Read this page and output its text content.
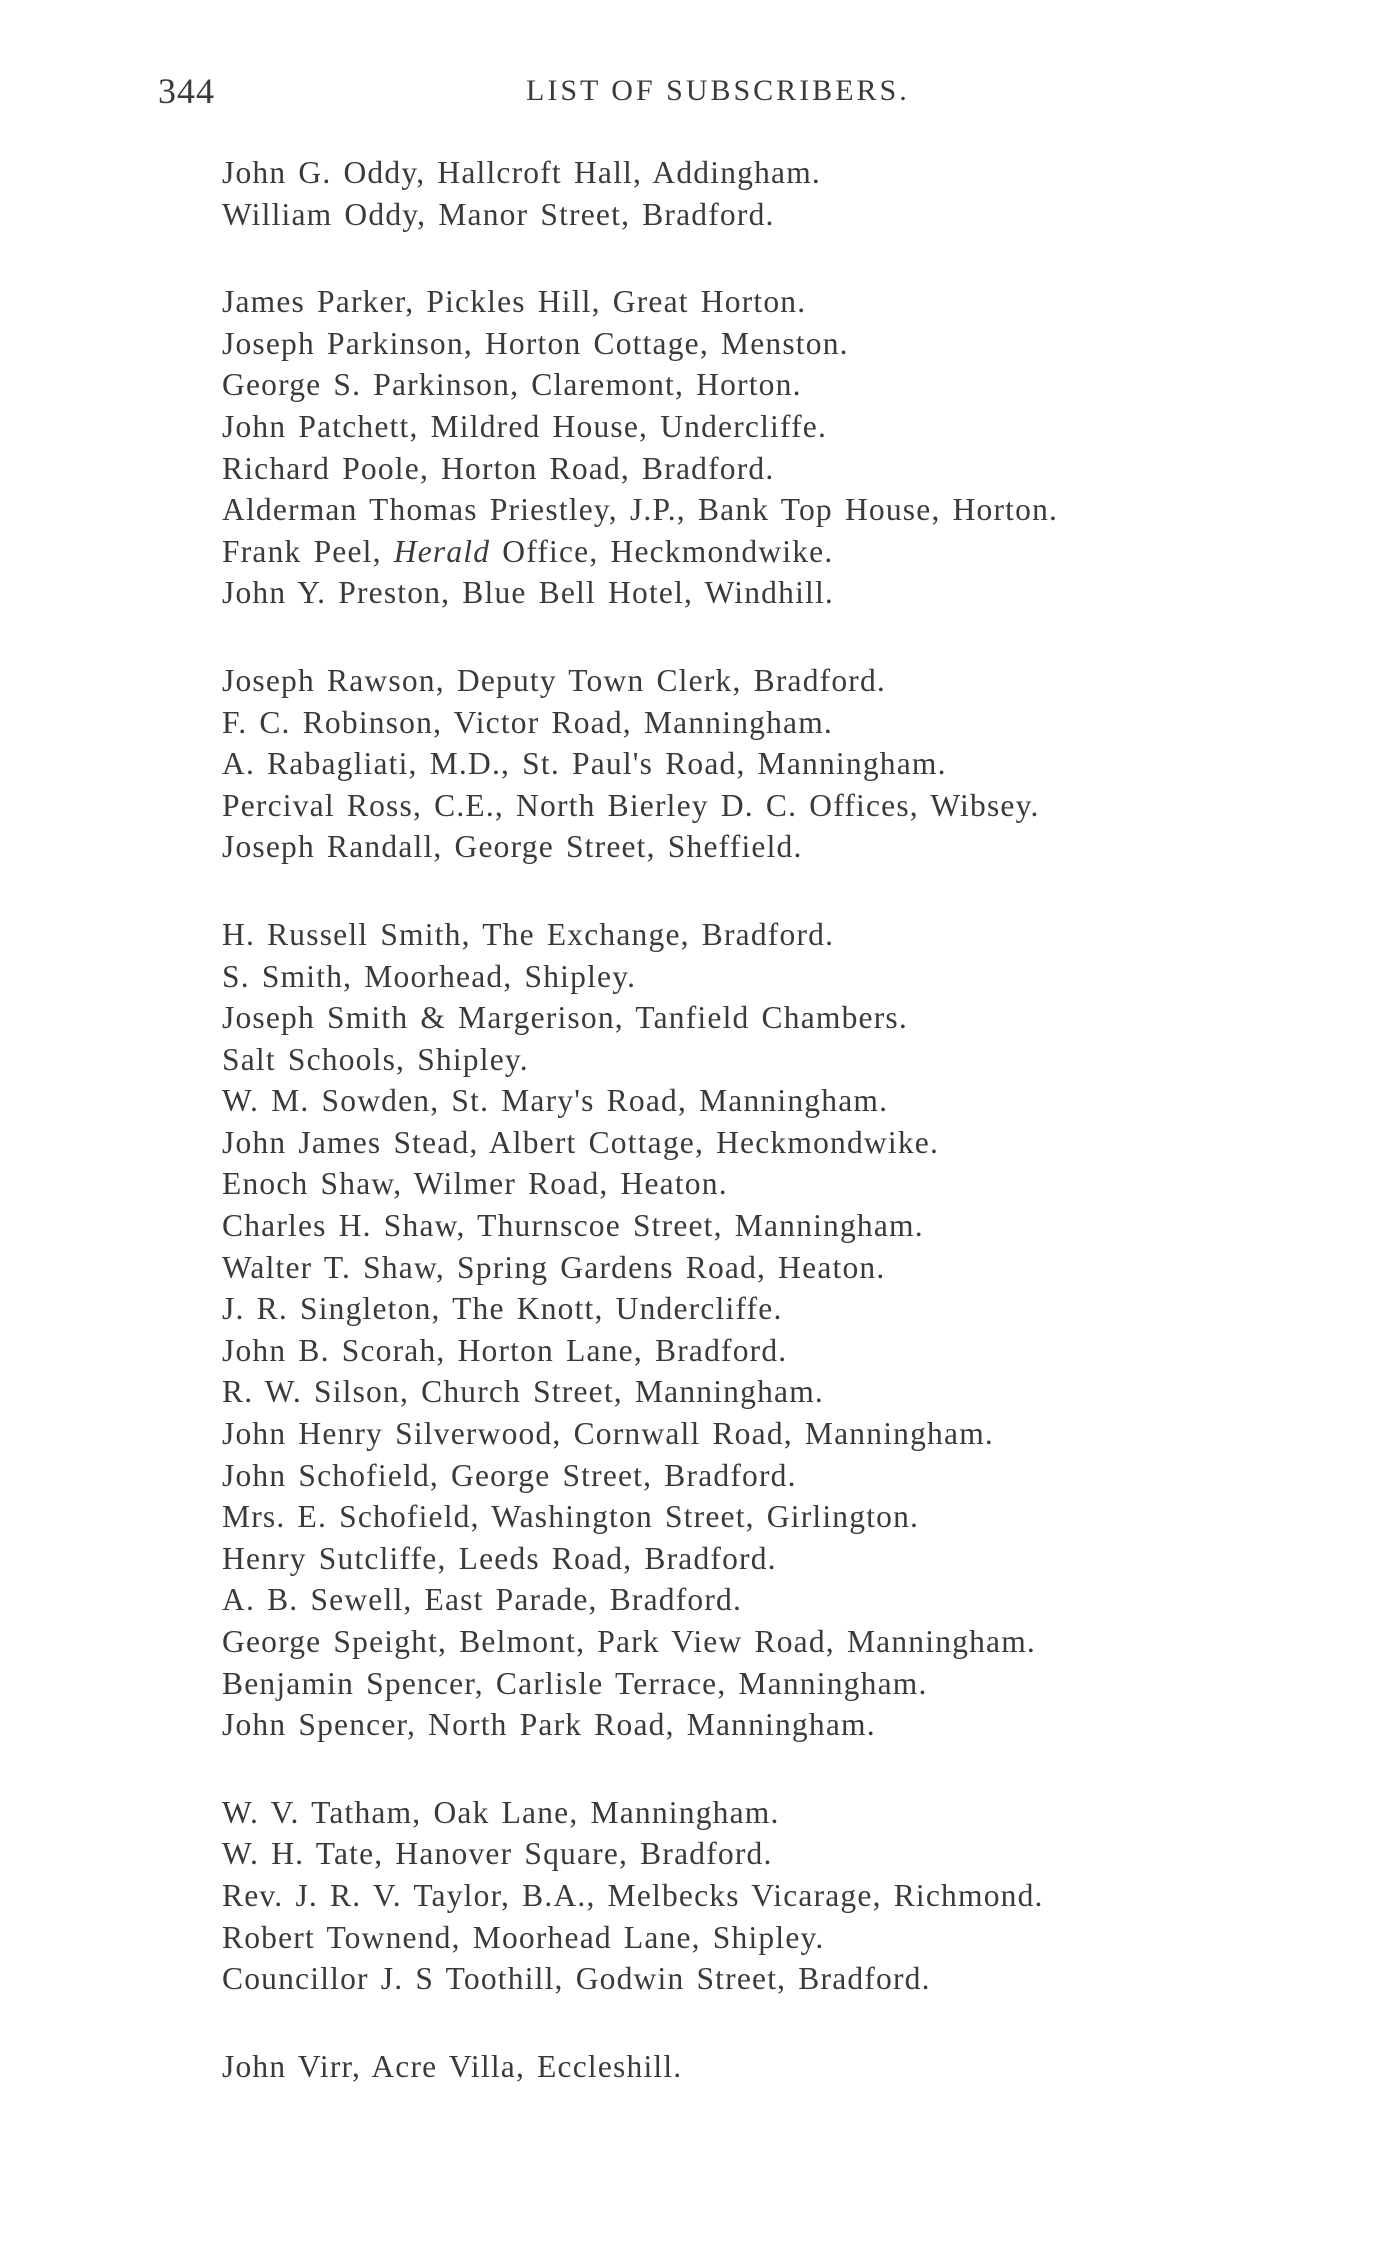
344	LIST OF SUBSCRIBERS.
John G. Oddy, Hallcroft Hall, Addingham.
William Oddy, Manor Street, Bradford.
James Parker, Pickles Hill, Great Horton.
Joseph Parkinson, Horton Cottage, Menston.
George S. Parkinson, Claremont, Horton.
John Patchett, Mildred House, Undercliffe.
Richard Poole, Horton Road, Bradford.
Alderman Thomas Priestley, J.P., Bank Top House, Horton.
Frank Peel, Herald Office, Heckmondwike.
John Y. Preston, Blue Bell Hotel, Windhill.
Joseph Rawson, Deputy Town Clerk, Bradford.
F. C. Robinson, Victor Road, Manningham.
A. Rabagliati, M.D., St. Paul's Road, Manningham.
Percival Ross, C.E., North Bierley D. C. Offices, Wibsey.
Joseph Randall, George Street, Sheffield.
H. Russell Smith, The Exchange, Bradford.
S. Smith, Moorhead, Shipley.
Joseph Smith & Margerison, Tanfield Chambers.
Salt Schools, Shipley.
W. M. Sowden, St. Mary's Road, Manningham.
John James Stead, Albert Cottage, Heckmondwike.
Enoch Shaw, Wilmer Road, Heaton.
Charles H. Shaw, Thurnscoe Street, Manningham.
Walter T. Shaw, Spring Gardens Road, Heaton.
J. R. Singleton, The Knott, Undercliffe.
John B. Scorah, Horton Lane, Bradford.
R. W. Silson, Church Street, Manningham.
John Henry Silverwood, Cornwall Road, Manningham.
John Schofield, George Street, Bradford.
Mrs. E. Schofield, Washington Street, Girlington.
Henry Sutcliffe, Leeds Road, Bradford.
A. B. Sewell, East Parade, Bradford.
George Speight, Belmont, Park View Road, Manningham.
Benjamin Spencer, Carlisle Terrace, Manningham.
John Spencer, North Park Road, Manningham.
W. V. Tatham, Oak Lane, Manningham.
W. H. Tate, Hanover Square, Bradford.
Rev. J. R. V. Taylor, B.A., Melbecks Vicarage, Richmond.
Robert Townend, Moorhead Lane, Shipley.
Councillor J. S Toothill, Godwin Street, Bradford.
John Virr, Acre Villa, Eccleshill.
